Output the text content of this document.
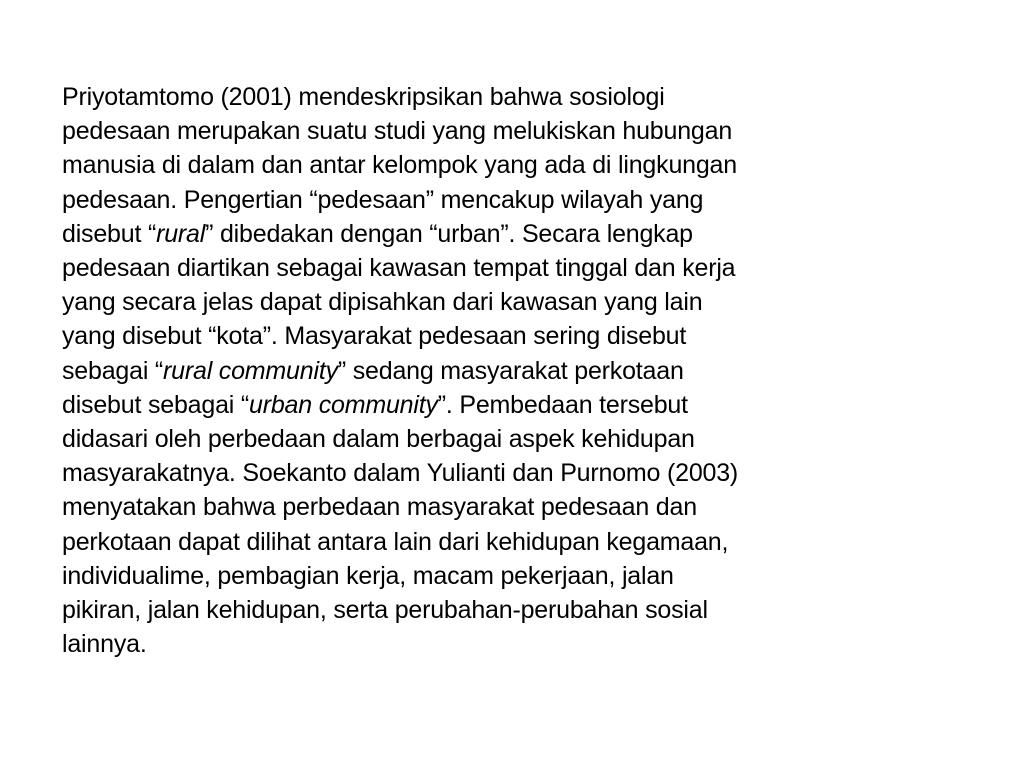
Priyotamtomo (2001) mendeskripsikan bahwa sosiologi
pedesaan merupakan suatu studi yang melukiskan hubungan
manusia di dalam dan antar kelompok yang ada di lingkungan
pedesaan. Pengertian “pedesaan” mencakup wilayah yang
disebut “rural” dibedakan dengan “urban”. Secara lengkap
pedesaan diartikan sebagai kawasan tempat tinggal dan kerja
yang secara jelas dapat dipisahkan dari kawasan yang lain
yang disebut “kota”. Masyarakat pedesaan sering disebut
sebagai “rural community” sedang masyarakat perkotaan
disebut sebagai “urban community”. Pembedaan tersebut
didasari oleh perbedaan dalam berbagai aspek kehidupan
masyarakatnya. Soekanto dalam Yulianti dan Purnomo (2003)
menyatakan bahwa perbedaan masyarakat pedesaan dan
perkotaan dapat dilihat antara lain dari kehidupan kegamaan,
individualime, pembagian kerja, macam pekerjaan, jalan
pikiran, jalan kehidupan, serta perubahan-perubahan sosial
lainnya.
